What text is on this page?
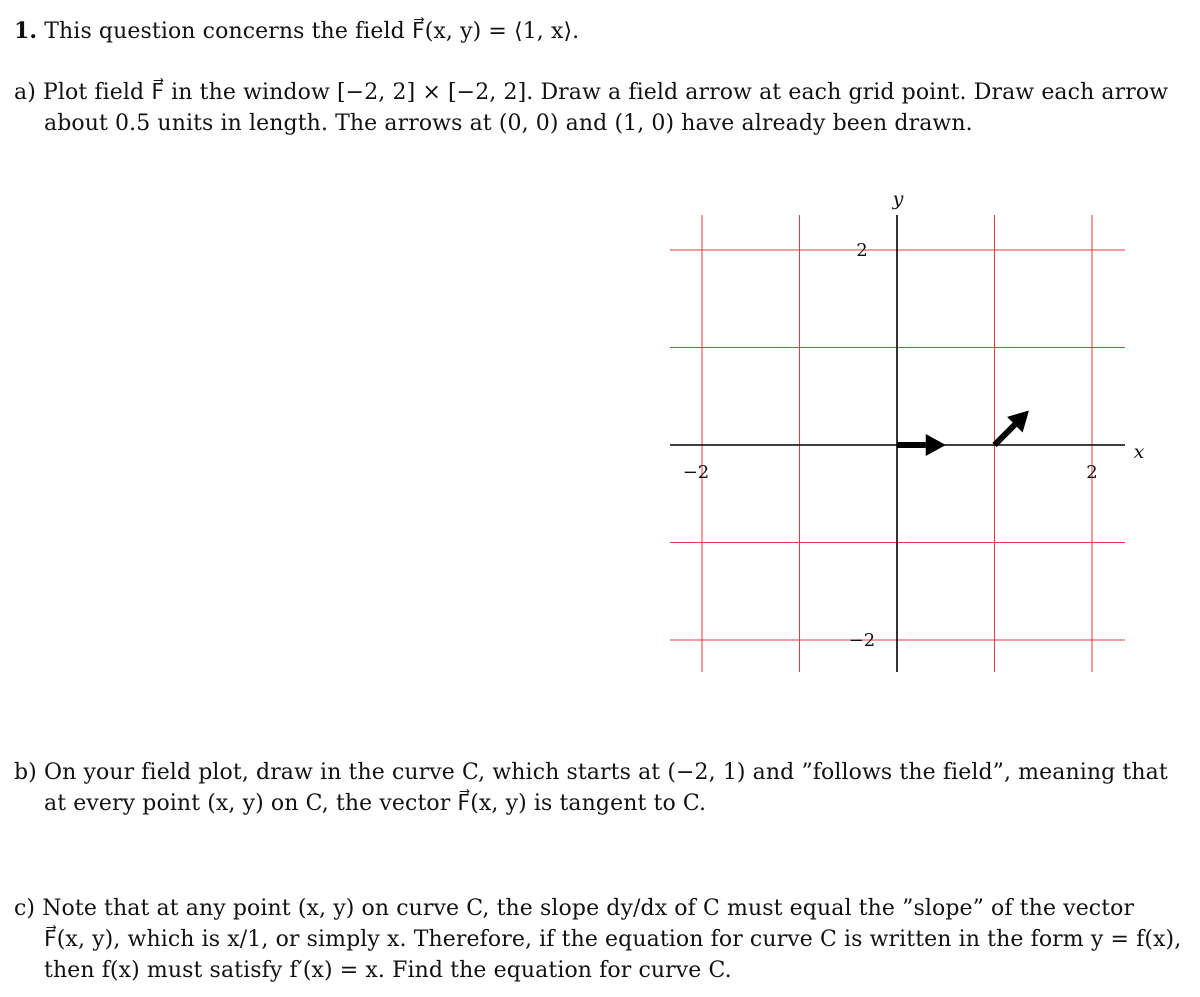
1. This question concerns the field F⃗(x, y) = ⟨1, x⟩.
a) Plot field F⃗ in the window [−2, 2] × [−2, 2]. Draw a field arrow at each grid point. Draw each arrow
about 0.5 units in length. The arrows at (0, 0) and (1, 0) have already been drawn.
x
y
−2	2
2
−2
b) On your field plot, draw in the curve C, which starts at (−2, 1) and ”follows the field”, meaning that
at every point (x, y) on C, the vector F⃗(x, y) is tangent to C.
c) Note that at any point (x, y) on curve C, the slope dy/dx of C must equal the ”slope” of the vector
F⃗(x, y), which is x/1, or simply x. Therefore, if the equation for curve C is written in the form y = f(x),
then f(x) must satisfy f′(x) = x. Find the equation for curve C.
